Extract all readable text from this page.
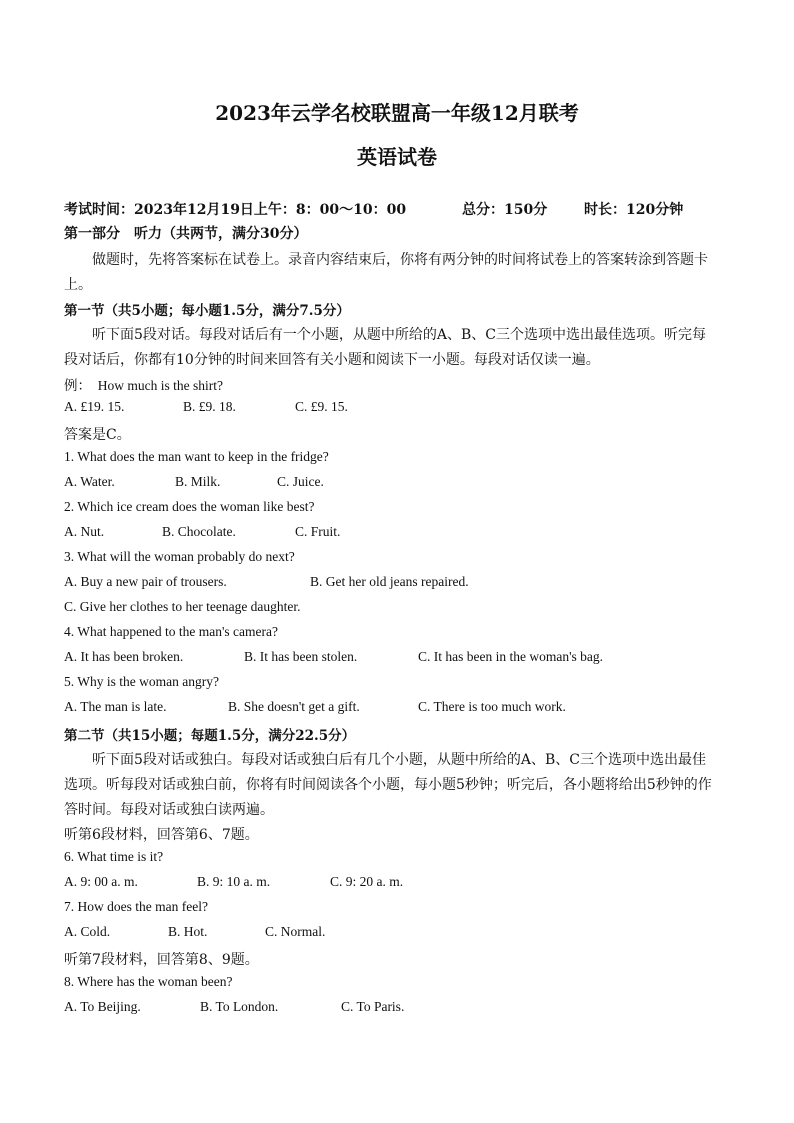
2023年云学名校联盟高一年级12月联考
英语试卷
考试时间：2023年12月19日上午：8：00～10：00	总分：150分	时长：120分钟
第一部分　听力（共两节，满分30分）
做题时，先将答案标在试卷上。录音内容结束后，你将有两分钟的时间将试卷上的答案转涂到答题卡
上。
第一节（共5小题；每小题1.5分，满分7.5分）
听下面5段对话。每段对话后有一个小题，从题中所给的A、B、C三个选项中选出最佳选项。听完每
段对话后，你都有10分钟的时间来回答有关小题和阅读下一小题。每段对话仅读一遍。
例：　How much is the shirt?
A. £19. 15.	B. £9. 18.	C. £9. 15.
答案是C。
1. What does the man want to keep in the fridge?
A. Water.	B. Milk.	C. Juice.
2. Which ice cream does the woman like best?
A. Nut.	B. Chocolate.	C. Fruit.
3. What will the woman probably do next?
A. Buy a new pair of trousers.	B. Get her old jeans repaired.
C. Give her clothes to her teenage daughter.
4. What happened to the man's camera?
A. It has been broken.	B. It has been stolen.	C. It has been in the woman's bag.
5. Why is the woman angry?
A. The man is late.	B. She doesn't get a gift.	C. There is too much work.
第二节（共15小题；每题1.5分，满分22.5分）
听下面5段对话或独白。每段对话或独白后有几个小题，从题中所给的A、B、C三个选项中选出最佳
选项。听每段对话或独白前，你将有时间阅读各个小题，每小题5秒钟；听完后，各小题将给出5秒钟的作
答时间。每段对话或独白读两遍。
听第6段材料，回答第6、7题。
6. What time is it?
A. 9: 00 a. m.	B. 9: 10 a. m.	C. 9: 20 a. m.
7. How does the man feel?
A. Cold.	B. Hot.	C. Normal.
听第7段材料，回答第8、9题。
8. Where has the woman been?
A. To Beijing.	B. To London.	C. To Paris.
